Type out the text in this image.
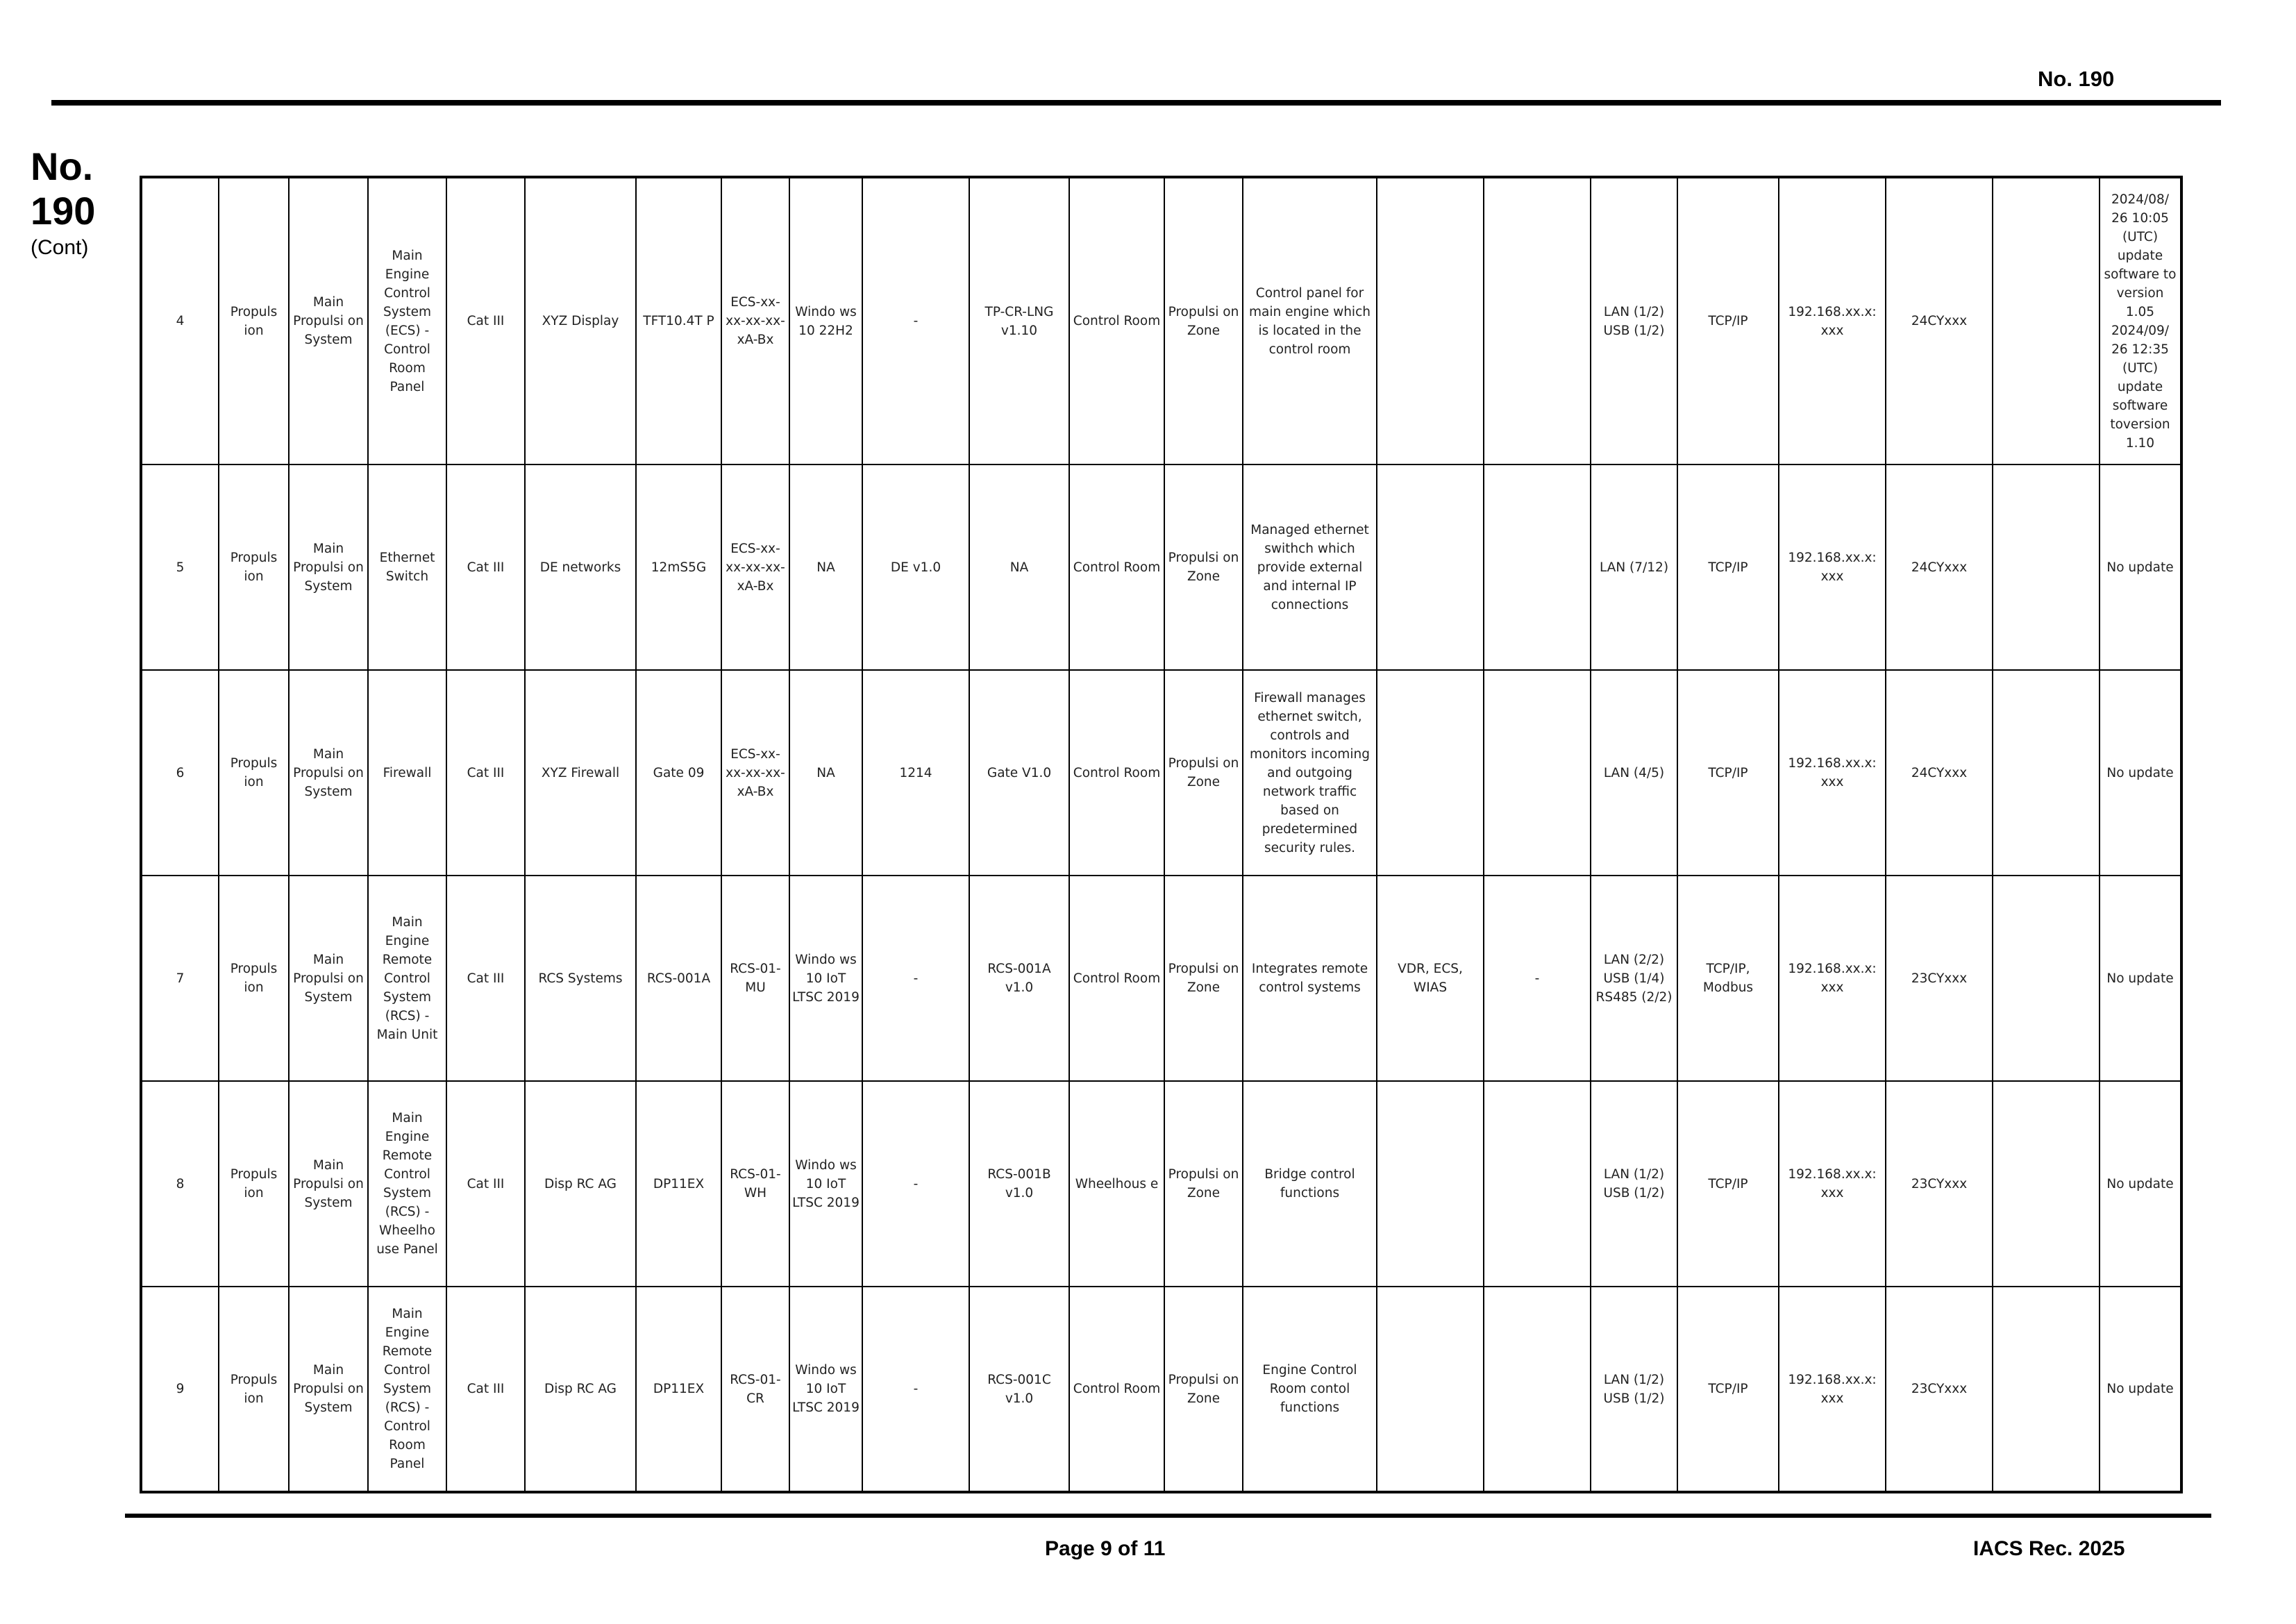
No. 190
No.
190
(Cont)
4	Propuls ion	Main Propulsi on System	Main Engine Control System (ECS) - Control Room Panel	Cat III	XYZ Display	TFT10.4T P	ECS-xx-xx-xx-xx-xA-Bx	Windo ws 10 22H2	-	TP-CR-LNG v1.10	Control Room	Propulsi on Zone	Control panel for main engine which is located in the control room			LAN (1/2) USB (1/2)	TCP/IP	192.168.xx.x: xxx	24CYxxx		2024/08/ 26 10:05 (UTC) update software to version 1.05 2024/09/ 26 12:35 (UTC) update software toversion 1.10
5	Propuls ion	Main Propulsi on System	Ethernet Switch	Cat III	DE networks	12mS5G	ECS-xx-xx-xx-xx-xA-Bx	NA	DE v1.0	NA	Control Room	Propulsi on Zone	Managed ethernet swithch which provide external and internal IP connections			LAN (7/12)	TCP/IP	192.168.xx.x: xxx	24CYxxx		No update
6	Propuls ion	Main Propulsi on System	Firewall	Cat III	XYZ Firewall	Gate 09	ECS-xx-xx-xx-xx-xA-Bx	NA	1214	Gate V1.0	Control Room	Propulsi on Zone	Firewall manages ethernet switch, controls and monitors incoming and outgoing network traffic based on predetermined security rules.			LAN (4/5)	TCP/IP	192.168.xx.x: xxx	24CYxxx		No update
7	Propuls ion	Main Propulsi on System	Main Engine Remote Control System (RCS) - Main Unit	Cat III	RCS Systems	RCS-001A	RCS-01-MU	Windo ws 10 IoT LTSC 2019	-	RCS-001A v1.0	Control Room	Propulsi on Zone	Integrates remote control systems	VDR, ECS, WIAS	-	LAN (2/2) USB (1/4) RS485 (2/2)	TCP/IP, Modbus	192.168.xx.x: xxx	23CYxxx		No update
8	Propuls ion	Main Propulsi on System	Main Engine Remote Control System (RCS) - Wheelho use Panel	Cat III	Disp RC AG	DP11EX	RCS-01-WH	Windo ws 10 IoT LTSC 2019	-	RCS-001B v1.0	Wheelhous e	Propulsi on Zone	Bridge control functions			LAN (1/2) USB (1/2)	TCP/IP	192.168.xx.x: xxx	23CYxxx		No update
9	Propuls ion	Main Propulsi on System	Main Engine Remote Control System (RCS) - Control Room Panel	Cat III	Disp RC AG	DP11EX	RCS-01-CR	Windo ws 10 IoT LTSC 2019	-	RCS-001C v1.0	Control Room	Propulsi on Zone	Engine Control Room contol functions			LAN (1/2) USB (1/2)	TCP/IP	192.168.xx.x: xxx	23CYxxx		No update
Page 9 of 11	IACS Rec. 2025
